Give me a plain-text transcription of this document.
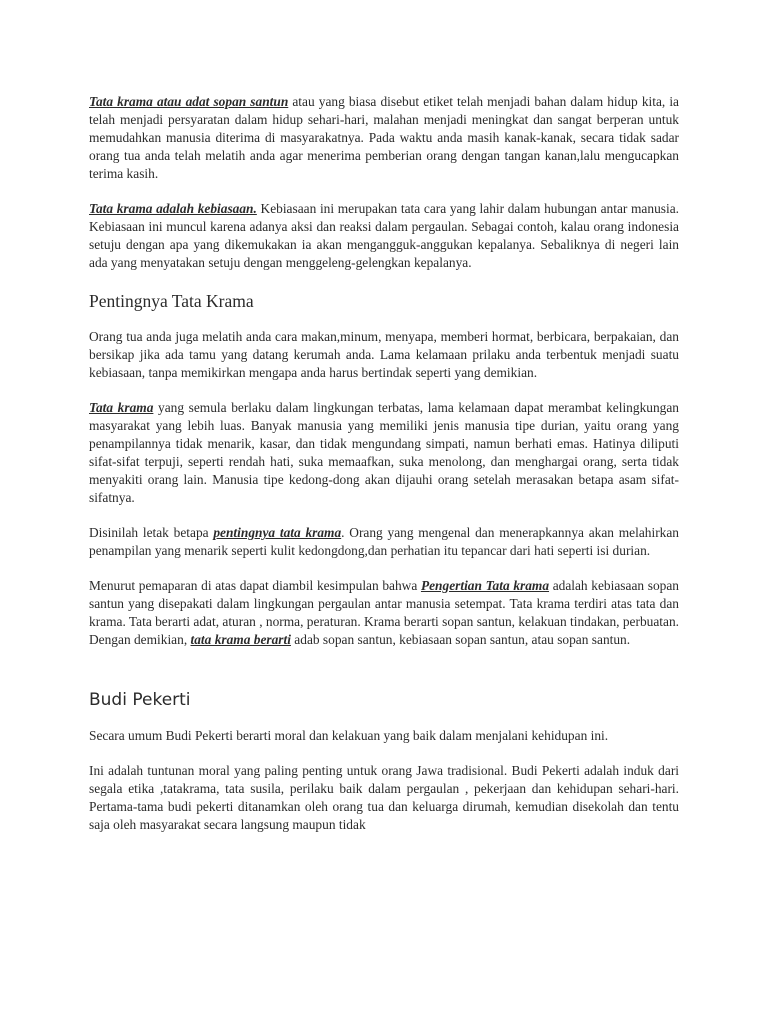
Tata krama atau adat sopan santun atau yang biasa disebut etiket telah menjadi bahan dalam hidup kita, ia telah menjadi persyaratan dalam hidup sehari-hari, malahan menjadi meningkat dan sangat berperan untuk memudahkan manusia diterima di masyarakatnya. Pada waktu anda masih kanak-kanak, secara tidak sadar orang tua anda telah melatih anda agar menerima pemberian orang dengan tangan kanan,lalu mengucapkan terima kasih.

Tata krama adalah kebiasaan. Kebiasaan ini merupakan tata cara yang lahir dalam hubungan antar manusia. Kebiasaan ini muncul karena adanya aksi dan reaksi dalam pergaulan. Sebagai contoh, kalau orang indonesia setuju dengan apa yang dikemukakan ia akan mengangguk-anggukan kepalanya. Sebaliknya di negeri lain ada yang menyatakan setuju dengan menggeleng-gelengkan kepalanya.

Pentingnya Tata Krama

Orang tua anda juga melatih anda cara makan,minum, menyapa, memberi hormat, berbicara, berpakaian, dan bersikap jika ada tamu yang datang kerumah anda. Lama kelamaan prilaku anda terbentuk menjadi suatu kebiasaan, tanpa memikirkan mengapa anda harus bertindak seperti yang demikian.

Tata krama yang semula berlaku dalam lingkungan terbatas, lama kelamaan dapat merambat kelingkungan masyarakat yang lebih luas. Banyak manusia yang memiliki jenis manusia tipe durian, yaitu orang yang penampilannya tidak menarik, kasar, dan tidak mengundang simpati, namun berhati emas. Hatinya diliputi sifat-sifat terpuji, seperti rendah hati, suka memaafkan, suka menolong, dan menghargai orang, serta tidak menyakiti orang lain. Manusia tipe kedong-dong akan dijauhi orang setelah merasakan betapa asam sifat-sifatnya.

Disinilah letak betapa pentingnya tata krama. Orang yang mengenal dan menerapkannya akan melahirkan penampilan yang menarik seperti kulit kedongdong,dan perhatian itu tepancar dari hati seperti isi durian.

Menurut pemaparan di atas dapat diambil kesimpulan bahwa Pengertian Tata krama adalah kebiasaan sopan santun yang disepakati dalam lingkungan pergaulan antar manusia setempat. Tata krama terdiri atas tata dan krama. Tata berarti adat, aturan , norma, peraturan. Krama berarti sopan santun, kelakuan tindakan, perbuatan. Dengan demikian, tata krama berarti adab sopan santun, kebiasaan sopan santun, atau sopan santun.

Budi Pekerti

Secara umum Budi Pekerti berarti moral dan kelakuan yang baik dalam menjalani kehidupan ini.

Ini adalah tuntunan moral yang paling penting untuk orang Jawa tradisional. Budi Pekerti adalah induk dari segala etika ,tatakrama, tata susila, perilaku baik dalam pergaulan , pekerjaan dan kehidupan sehari-hari. Pertama-tama budi pekerti ditanamkan oleh orang tua dan keluarga dirumah, kemudian disekolah dan tentu saja oleh masyarakat secara langsung maupun tidak
